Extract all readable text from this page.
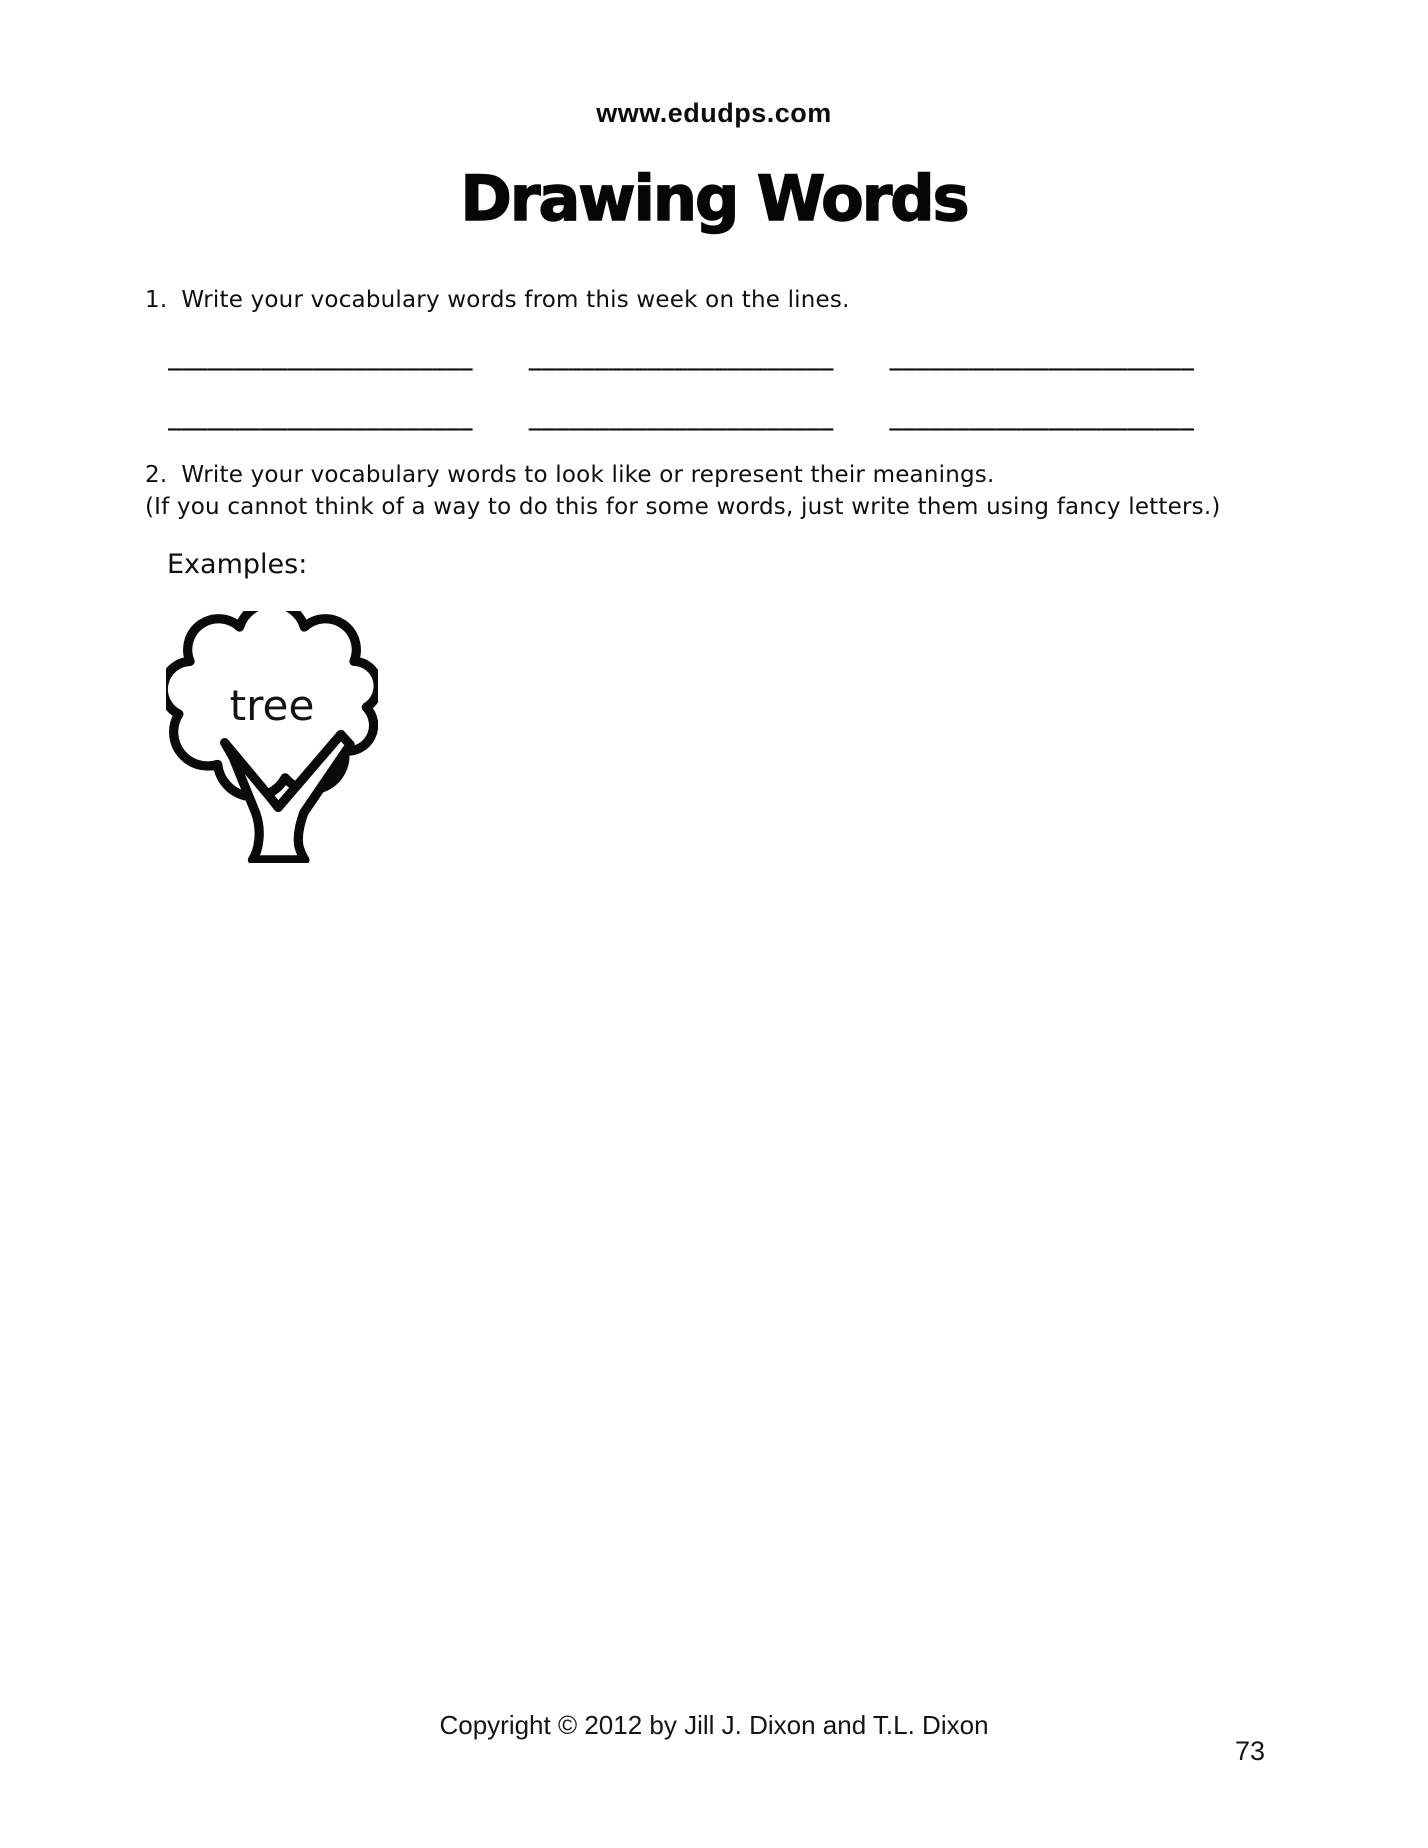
www.edudps.com
Drawing Words
1. Write your vocabulary words from this week on the lines.
_______________________	_______________________	_______________________
_______________________	_______________________	_______________________
2. Write your vocabulary words to look like or represent their meanings.
(If you cannot think of a way to do this for some words, just write them using fancy letters.)
Examples:
tree
Copyright © 2012 by Jill J. Dixon and T.L. Dixon
73
